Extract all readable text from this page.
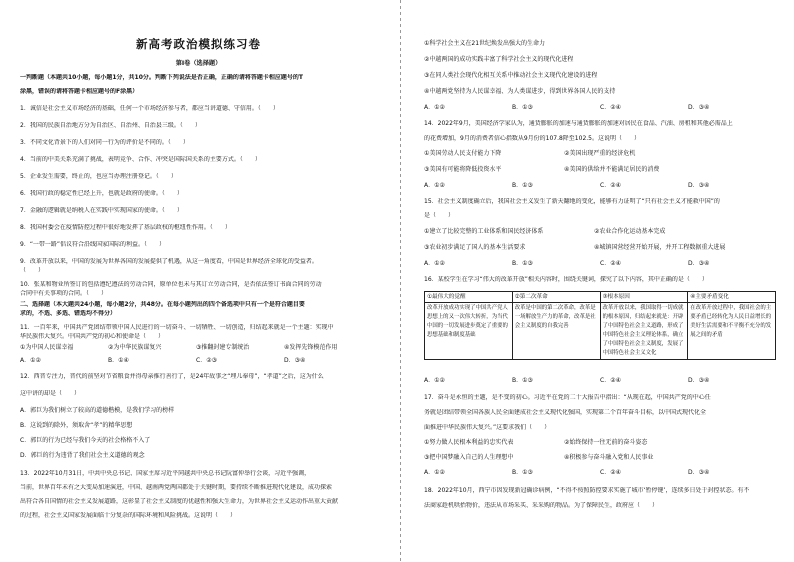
新高考政治模拟练习卷
第Ⅰ卷（选择题）
一判断题（本题共10小题，每小题1分，共10分。判断下列说法是否正确，正确的请将答题卡相应题号的T
涂黑，错误的请将答题卡相应题号的F涂黑）
1．诚信是社会主义市场经济的基础，任何一个市场经济参与者，都应当讲道德、守信用。（　　）
2．我国的民族自治地方分为自治区、自治州、自治县三级。（　　）
3．不同文化背景下的人们对同一行为的评价是不同的。（　　）
4．当前的中美关系充满了挑战，表明竞争、合作、冲突是国际国关系的主要方式。（　　）
5．企业发生需要，终止的，也应当办理注册登记。（　　）
6．我国行政的稳定性已经上升，也就是政府的使命。（　　）
7．金融的逻辑就是纳税人在实践中实现国家的使命。（　　）
8．我国村委会在疫情防控过程中很好地发挥了基层政权的枢纽性作用。（　　）
9．“一带一路”倡议符合沿线国家国际的利益。（　　）
9．改革开放以来，中国的发展为世界各国的发展提供了机遇，从这一角度看，中国是世界经济全球化的受益者。
（　　）
10．张某和物业所签订的包括遵纪遵法的劳动合同，原单位也未与其订立劳动合同，是否依法签订书面合同的劳动
合同中有关事项的合同。（　　）
二、选择题（本大题共24小题，每小题2分，共48分。在每小题列出的四个备选项中只有一个是符合题目要
求的，不选、多选、错选均不得分）
11．一百年来，中国共产党团结带领中国人民进行的一切奋斗、一切牺牲、一切创造，归结起来就是一个主题：实现中
华民族伟大复兴。中国共产党的初心和使命是（　　）
①为中国人民谋幸福	②为中华民族谋复兴	③推翻封建专制统治	④发挥先锋模范作用
A．①②	B．①④	C．②③	D．③④
12．西晋专注力，晋代的前坚对节省粮食并得母亲推行善行了，是24年故事之“埋儿奉母”，“孝道”之后，这为什么
这中讲的却是（　　）
A．郭巨为我们树立了较高的道德楷模，是我们学习的榜样
B．这说到的除外，须取舍“孝”的精华思想
C．郭巨的行为已经与我们今天的社会格格不入了
D．郭巨的行为违背了我们社会主义道德的观念
13．2022年10月31日，中共中央总书记、国家主席习近平同越共中央总书记阮富仲举行会谈，习近平强调，
当前，世界百年未有之大变局加速演进，中国、越南两党两国都处于关键时期，要持续不断推进现代化建设，成功探索
出符合各自国情的社会主义发展道路，这彰显了社会主义制度的优越性和强大生命力，为世界社会主义运动作出重大贡献
的过程，社会主义国家发展面临十分复杂的国际环境和风险挑战。这说明（　　）
①科学社会主义在21世纪焕发出强大的生命力
②中越两国的成功实践丰富了科学社会主义的现代化进程
③在同人类社会现代化相互关系中推动社会主义现代化建设的进程
④中越两党坚持为人民谋幸福、为人类谋进步，得到世界各国人民的支持
A．①②	B．①③	C．②④	D．③④
14．2022年9月，美国经济学家认为，通货膨胀的加速与通货膨胀的加速对居民在食品、汽油、房租和其他必需品上
的花费增加，9月的消费者信心指数从9月份的107.8降至102.5。这说明（　　）
①美国劳动人民支付能力下降	②美国出现严重的经济危机
③美国有可能将降低投资水平	④美国的供给并不能满足居民的消费
A．①②	B．①③	C．②④	D．③④
15．社会主义制度确立后，我国社会主义发生了新天翻地的变化，能够有力证明了“只有社会主义才能救中国”的
是（　　）
①建立了比较完整的工业体系和国民经济体系	②农业合作化运动基本完成
③农业初步满足了国人的基本生活要求	④城镇国营经营开始开展，并开工程数据重大进展
A．①②	B．①③	C．②④	D．③④
16．某校学生在学习“伟大的改革开放”相关内容时，围绕关键词，探究了以下内容，其中正确的是（　　）
①最伟大的觉醒	②第二次革命	③根本原因	④主要矛盾变化
改革开放成功实现了中国共产党人思想上的又一次伟大转折，为当代中国的一切发展进步奠定了重要的思想基础和制度基础	改革是中国的第二次革命，改革是一场解放生产力的革命，改革是社会主义制度的自我完善	改革开放以来，我国取得一切成就的根本原因，归结起来就是：开辟了中国特色社会主义道路，形成了中国特色社会主义理论体系，确立了中国特色社会主义制度，发展了中国特色社会主义文化	在改革开放过程中，我国社会的主要矛盾已经转化为人民日益增长的美好生活需要和不平衡不充分的发展之间的矛盾
A．①②	B．①③	C．②④	D．③④
17．奋斗是永恒的主题，是不变的初心。习近平在党的二十大报告中指出：“从现在起，中国共产党的中心任
务就是团结带领全国各族人民全面建成社会主义现代化强国，实现第二个百年奋斗目标，以中国式现代化全
面推进中华民族伟大复兴。”这要求我们（　　）
①努力做人民根本利益的忠实代表	②始终保持一往无前的奋斗姿态
③把中国梦融入自己的人生理想中	④积极参与奋斗融入党和人民事业
A．①②	B．①③	C．②④	D．③④
18．2022年10月，西宁市因发现新冠确诊病例，“不得不按照防控要求实施了城市‘暂停键’，连续多日处于封控状态。有不
法商家趁机哄抬物价，违法从市场采买、采采购的物品。为了保障民生，政府应（　　）
